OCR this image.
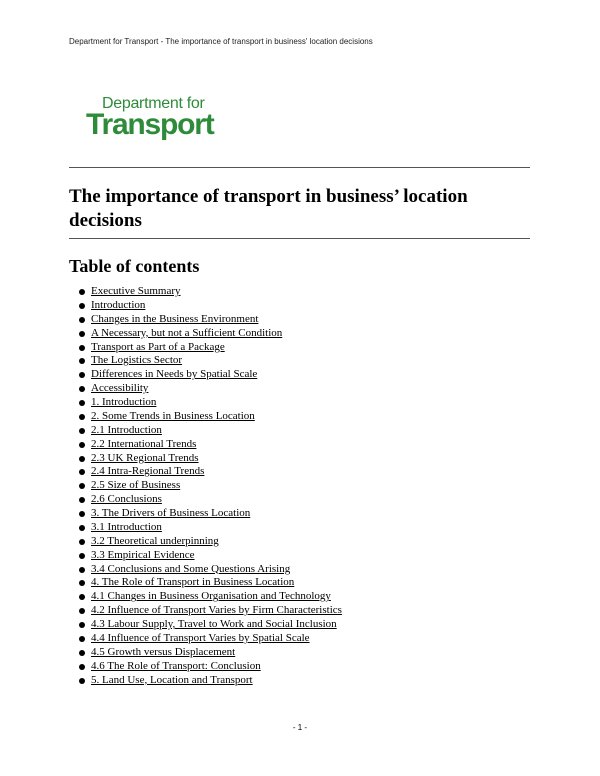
Department for Transport - The importance of transport in business' location decisions
Department for
Transport
The importance of transport in business’ location decisions
Table of contents
Executive Summary
Introduction
Changes in the Business Environment
A Necessary, but not a Sufficient Condition
Transport as Part of a Package
The Logistics Sector
Differences in Needs by Spatial Scale
Accessibility
1. Introduction
2. Some Trends in Business Location
2.1 Introduction
2.2 International Trends
2.3 UK Regional Trends
2.4 Intra-Regional Trends
2.5 Size of Business
2.6 Conclusions
3. The Drivers of Business Location
3.1 Introduction
3.2 Theoretical underpinning
3.3 Empirical Evidence
3.4 Conclusions and Some Questions Arising
4. The Role of Transport in Business Location
4.1 Changes in Business Organisation and Technology
4.2 Influence of Transport Varies by Firm Characteristics
4.3 Labour Supply, Travel to Work and Social Inclusion
4.4 Influence of Transport Varies by Spatial Scale
4.5 Growth versus Displacement
4.6 The Role of Transport: Conclusion
5. Land Use, Location and Transport
- 1 -
